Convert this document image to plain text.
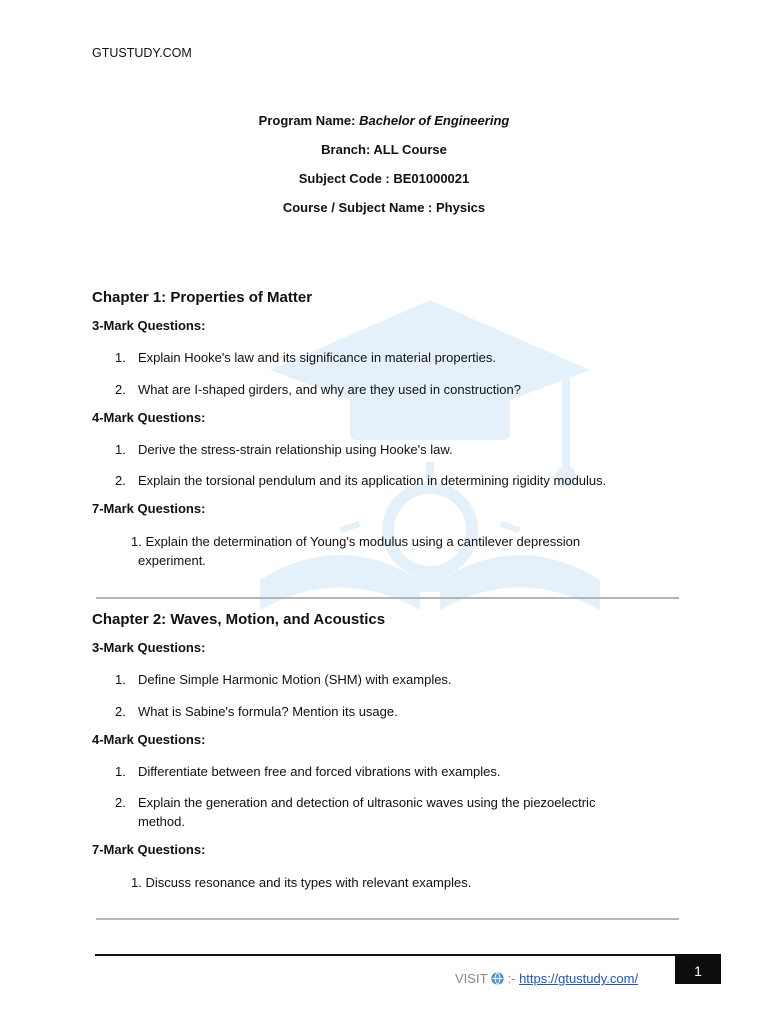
GTUSTUDY.COM
Program Name: Bachelor of Engineering
Branch: ALL Course
Subject Code : BE01000021
Course / Subject Name : Physics
Chapter 1: Properties of Matter
3-Mark Questions:
1. Explain Hooke's law and its significance in material properties.
2. What are I-shaped girders, and why are they used in construction?
4-Mark Questions:
1. Derive the stress-strain relationship using Hooke's law.
2. Explain the torsional pendulum and its application in determining rigidity modulus.
7-Mark Questions:
1. Explain the determination of Young's modulus using a cantilever depression
experiment.
Chapter 2: Waves, Motion, and Acoustics
3-Mark Questions:
1. Define Simple Harmonic Motion (SHM) with examples.
2. What is Sabine's formula? Mention its usage.
4-Mark Questions:
1. Differentiate between free and forced vibrations with examples.
2. Explain the generation and detection of ultrasonic waves using the piezoelectric
method.
7-Mark Questions:
1. Discuss resonance and its types with relevant examples.
VISIT  :- https://gtustudy.com/	1
